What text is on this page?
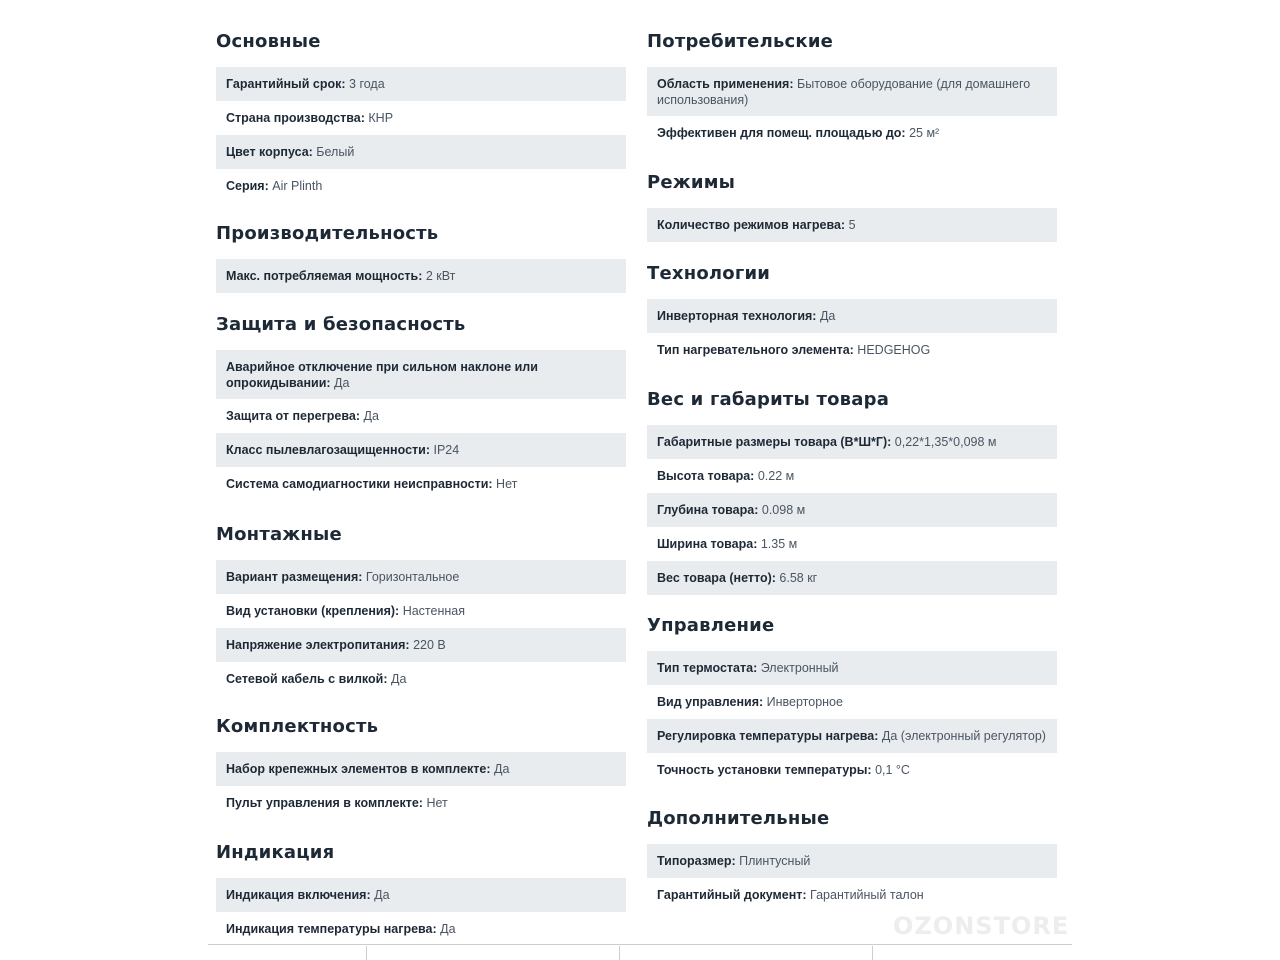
Основные
Гарантийный срок: 3 года
Страна производства: КНР
Цвет корпуса: Белый
Серия: Air Plinth
Производительность
Макс. потребляемая мощность: 2 кВт
Защита и безопасность
Аварийное отключение при сильном наклоне или опрокидывании: Да
Защита от перегрева: Да
Класс пылевлагозащищенности: IP24
Система самодиагностики неисправности: Нет
Монтажные
Вариант размещения: Горизонтальное
Вид установки (крепления): Настенная
Напряжение электропитания: 220 В
Сетевой кабель с вилкой: Да
Комплектность
Набор крепежных элементов в комплекте: Да
Пульт управления в комплекте: Нет
Индикация
Индикация включения: Да
Индикация температуры нагрева: Да
Потребительские
Область применения: Бытовое оборудование (для домашнего использования)
Эффективен для помещ. площадью до: 25 м²
Режимы
Количество режимов нагрева: 5
Технологии
Инверторная технология: Да
Тип нагревательного элемента: HEDGEHOG
Вес и габариты товара
Габаритные размеры товара (В*Ш*Г): 0,22*1,35*0,098 м
Высота товара: 0.22 м
Глубина товара: 0.098 м
Ширина товара: 1.35 м
Вес товара (нетто): 6.58 кг
Управление
Тип термостата: Электронный
Вид управления: Инверторное
Регулировка температуры нагрева: Да (электронный регулятор)
Точность установки температуры: 0,1 °С
Дополнительные
Типоразмер: Плинтусный
Гарантийный документ: Гарантийный талон
OZONSTORE
